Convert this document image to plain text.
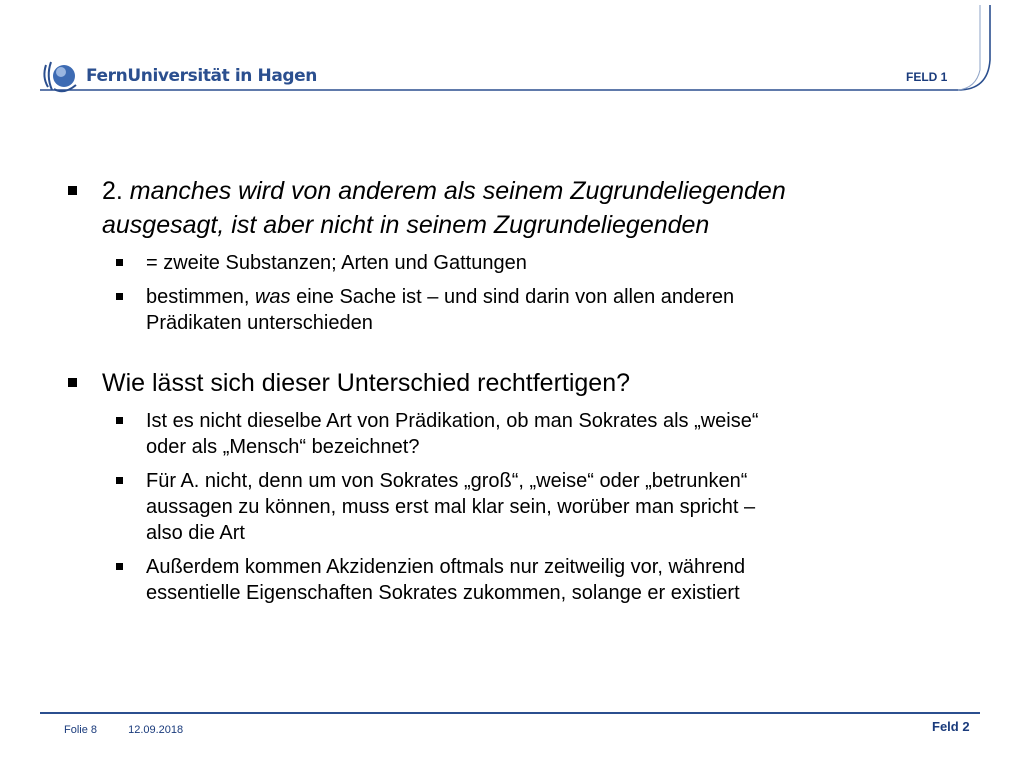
FernUniversität in Hagen	FELD 1
2. manches wird von anderem als seinem Zugrundeliegenden
ausgesagt, ist aber nicht in seinem Zugrundeliegenden
= zweite Substanzen; Arten und Gattungen
bestimmen, was eine Sache ist – und sind darin von allen anderen
Prädikaten unterschieden
Wie lässt sich dieser Unterschied rechtfertigen?
Ist es nicht dieselbe Art von Prädikation, ob man Sokrates als „weise“
oder als „Mensch“ bezeichnet?
Für A. nicht, denn um von Sokrates „groß“, „weise“ oder „betrunken“
aussagen zu können, muss erst mal klar sein, worüber man spricht –
also die Art
Außerdem kommen Akzidenzien oftmals nur zeitweilig vor, während
essentielle Eigenschaften Sokrates zukommen, solange er existiert
Folie 8	12.09.2018	Feld 2
